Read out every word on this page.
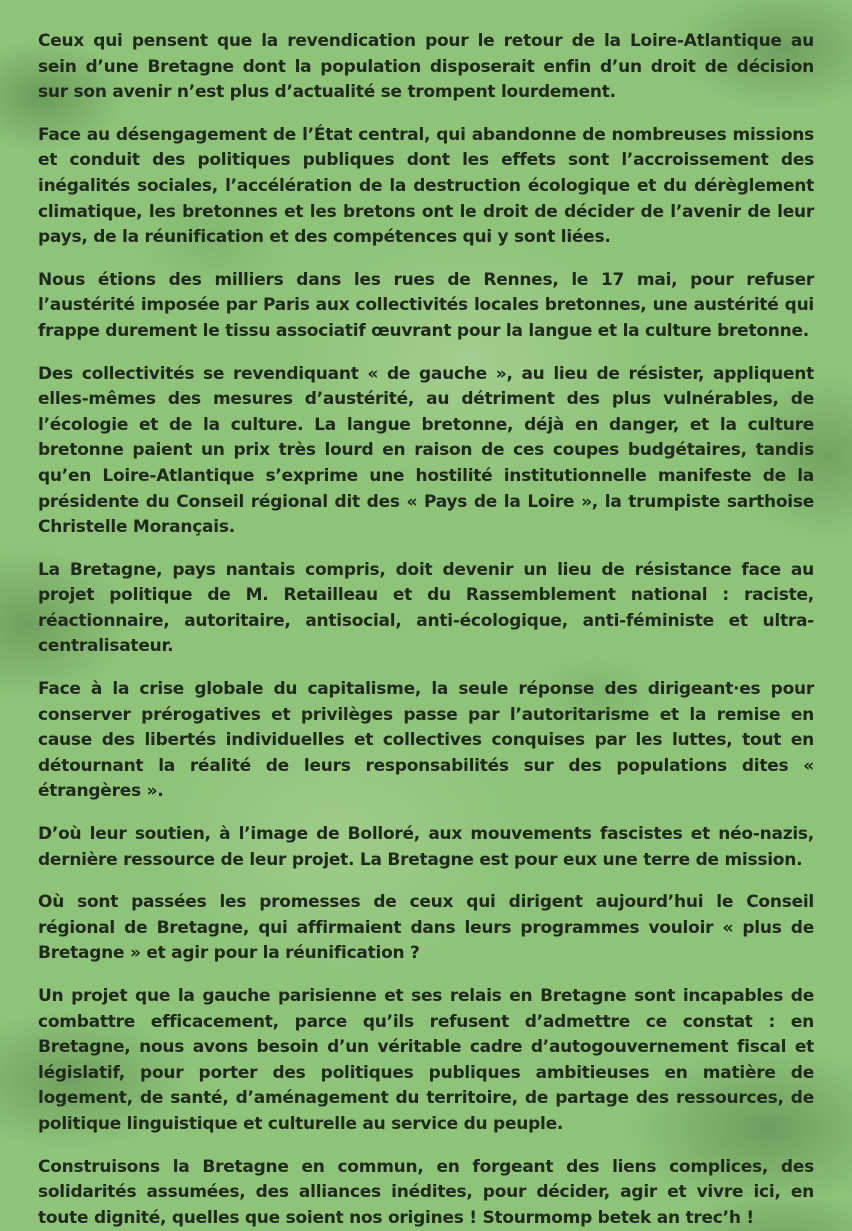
Ceux qui pensent que la revendication pour le retour de la Loire-Atlantique au sein d’une Bretagne dont la population disposerait enfin d’un droit de décision sur son avenir n’est plus d’actualité se trompent lourdement.

Face au désengagement de l’État central, qui abandonne de nombreuses missions et conduit des politiques publiques dont les effets sont l’accroissement des inégalités sociales, l’accélération de la destruction écologique et du dérèglement climatique, les bretonnes et les bretons ont le droit de décider de l’avenir de leur pays, de la réunification et des compétences qui y sont liées.

Nous étions des milliers dans les rues de Rennes, le 17 mai, pour refuser l’austérité imposée par Paris aux collectivités locales bretonnes, une austérité qui frappe durement le tissu associatif œuvrant pour la langue et la culture bretonne.

Des collectivités se revendiquant « de gauche », au lieu de résister, appliquent elles-mêmes des mesures d’austérité, au détriment des plus vulnérables, de l’écologie et de la culture. La langue bretonne, déjà en danger, et la culture bretonne paient un prix très lourd en raison de ces coupes budgétaires, tandis qu’en Loire-Atlantique s’exprime une hostilité institutionnelle manifeste de la présidente du Conseil régional dit des « Pays de la Loire », la trumpiste sarthoise Christelle Morançais.

La Bretagne, pays nantais compris, doit devenir un lieu de résistance face au projet politique de M. Retailleau et du Rassemblement national : raciste, réactionnaire, autoritaire, antisocial, anti-écologique, anti-féministe et ultra-centralisateur.

Face à la crise globale du capitalisme, la seule réponse des dirigeant·es pour conserver prérogatives et privilèges passe par l’autoritarisme et la remise en cause des libertés individuelles et collectives conquises par les luttes, tout en détournant la réalité de leurs responsabilités sur des populations dites « étrangères ».

D’où leur soutien, à l’image de Bolloré, aux mouvements fascistes et néo-nazis, dernière ressource de leur projet. La Bretagne est pour eux une terre de mission.

Où sont passées les promesses de ceux qui dirigent aujourd’hui le Conseil régional de Bretagne, qui affirmaient dans leurs programmes vouloir « plus de Bretagne » et agir pour la réunification ?

Un projet que la gauche parisienne et ses relais en Bretagne sont incapables de combattre efficacement, parce qu’ils refusent d’admettre ce constat : en Bretagne, nous avons besoin d’un véritable cadre d’autogouvernement fiscal et législatif, pour porter des politiques publiques ambitieuses en matière de logement, de santé, d’aménagement du territoire, de partage des ressources, de politique linguistique et culturelle au service du peuple.

Construisons la Bretagne en commun, en forgeant des liens complices, des solidarités assumées, des alliances inédites, pour décider, agir et vivre ici, en toute dignité, quelles que soient nos origines ! Stourmomp betek an trec’h !
